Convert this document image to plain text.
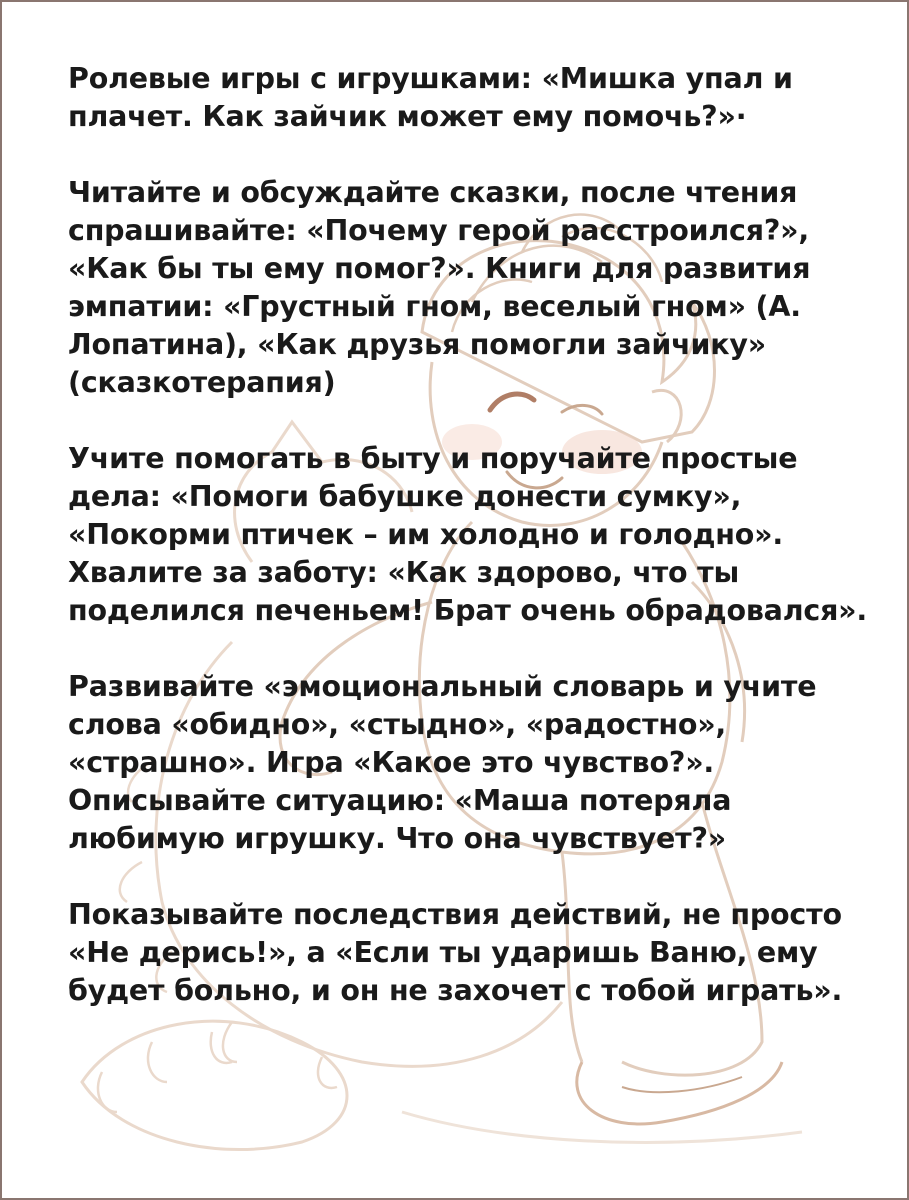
Ролевые игры с игрушками: «Мишка упал и
плачет. Как зайчик может ему помочь?»·

Читайте и обсуждайте сказки, после чтения
спрашивайте: «Почему герой расстроился?»,
«Как бы ты ему помог?». Книги для развития
эмпатии: «Грустный гном, веселый гном» (А.
Лопатина), «Как друзья помогли зайчику»
(сказкотерапия)

Учите помогать в быту и поручайте простые
дела: «Помоги бабушке донести сумку»,
«Покорми птичек – им холодно и голодно».
Хвалите за заботу: «Как здорово, что ты
поделился печеньем! Брат очень обрадовался».

Развивайте «эмоциональный словарь и учите
слова «обидно», «стыдно», «радостно»,
«страшно». Игра «Какое это чувство?».
Описывайте ситуацию: «Маша потеряла
любимую игрушку. Что она чувствует?»

Показывайте последствия действий, не просто
«Не дерись!», а «Если ты ударишь Ваню, ему
будет больно, и он не захочет с тобой играть».
